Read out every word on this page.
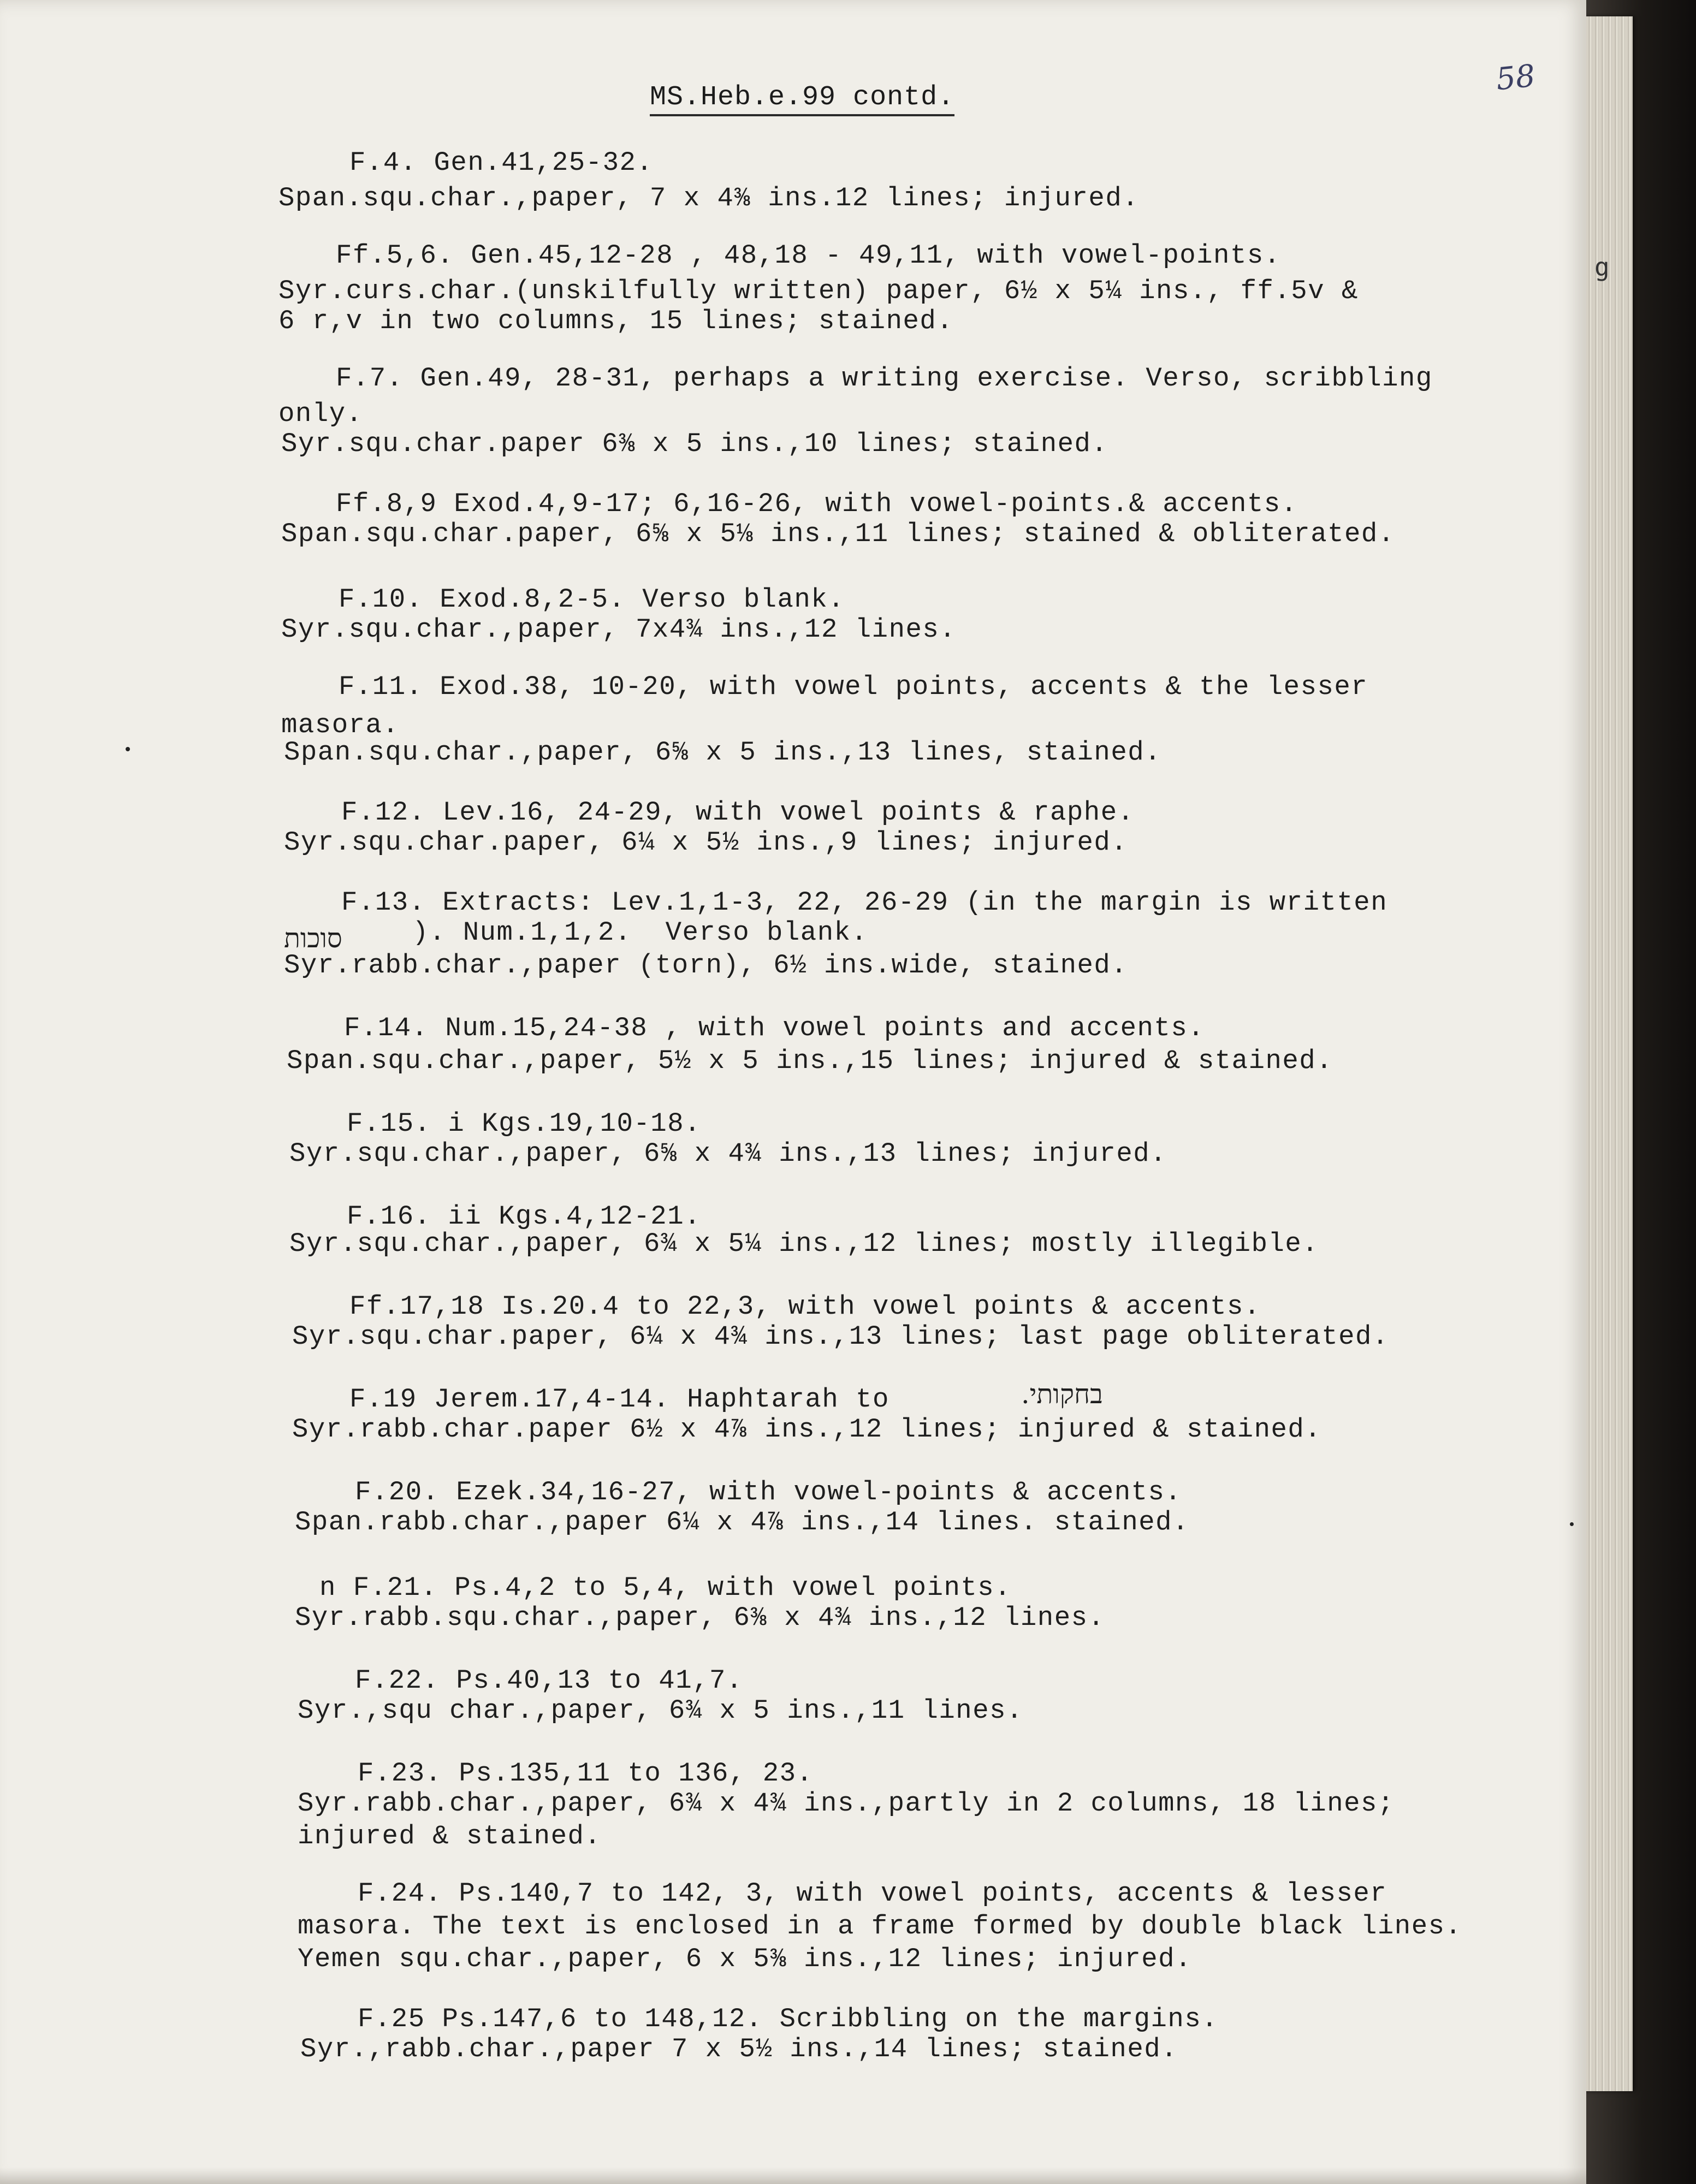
58
MS.Heb.e.99 contd.
g
F.4. Gen.41,25-32.
Span.squ.char.,paper, 7 x 4⅜ ins.12 lines; injured.
Ff.5,6. Gen.45,12-28 , 48,18 - 49,11, with vowel-points.
Syr.curs.char.(unskilfully written) paper, 6½ x 5¼ ins., ff.5v &
6 r,v in two columns, 15 lines; stained.
F.7. Gen.49, 28-31, perhaps a writing exercise. Verso, scribbling
only.
Syr.squ.char.paper 6⅜ x 5 ins.,10 lines; stained.
Ff.8,9 Exod.4,9-17; 6,16-26, with vowel-points.& accents.
Span.squ.char.paper, 6⅝ x 5⅛ ins.,11 lines; stained & obliterated.
F.10. Exod.8,2-5. Verso blank.
Syr.squ.char.,paper, 7x4¾ ins.,12 lines.
F.11. Exod.38, 10-20, with vowel points, accents & the lesser
masora.
Span.squ.char.,paper, 6⅝ x 5 ins.,13 lines, stained.
F.12. Lev.16, 24-29, with vowel points & raphe.
Syr.squ.char.paper, 6¼ x 5½ ins.,9 lines; injured.
F.13. Extracts: Lev.1,1-3, 22, 26-29 (in the margin is written
סוכות	). Num.1,1,2.  Verso blank.
Syr.rabb.char.,paper (torn), 6½ ins.wide, stained.
F.14. Num.15,24-38 , with vowel points and accents.
Span.squ.char.,paper, 5½ x 5 ins.,15 lines; injured & stained.
F.15. i Kgs.19,10-18.
Syr.squ.char.,paper, 6⅝ x 4¾ ins.,13 lines; injured.
F.16. ii Kgs.4,12-21.
Syr.squ.char.,paper, 6¾ x 5¼ ins.,12 lines; mostly illegible.
Ff.17,18 Is.20.4 to 22,3, with vowel points & accents.
Syr.squ.char.paper, 6¼ x 4¾ ins.,13 lines; last page obliterated.
F.19 Jerem.17,4-14. Haphtarah to	בחקותי.
Syr.rabb.char.paper 6½ x 4⅞ ins.,12 lines; injured & stained.
F.20. Ezek.34,16-27, with vowel-points & accents.
Span.rabb.char.,paper 6¼ x 4⅞ ins.,14 lines. stained.
n F.21. Ps.4,2 to 5,4, with vowel points.
Syr.rabb.squ.char.,paper, 6⅜ x 4¾ ins.,12 lines.
F.22. Ps.40,13 to 41,7.
Syr.,squ char.,paper, 6¾ x 5 ins.,11 lines.
F.23. Ps.135,11 to 136, 23.
Syr.rabb.char.,paper, 6¾ x 4¾ ins.,partly in 2 columns, 18 lines;
injured & stained.
F.24. Ps.140,7 to 142, 3, with vowel points, accents & lesser
masora. The text is enclosed in a frame formed by double black lines.
Yemen squ.char.,paper, 6 x 5⅜ ins.,12 lines; injured.
F.25 Ps.147,6 to 148,12. Scribbling on the margins.
Syr.,rabb.char.,paper 7 x 5½ ins.,14 lines; stained.
